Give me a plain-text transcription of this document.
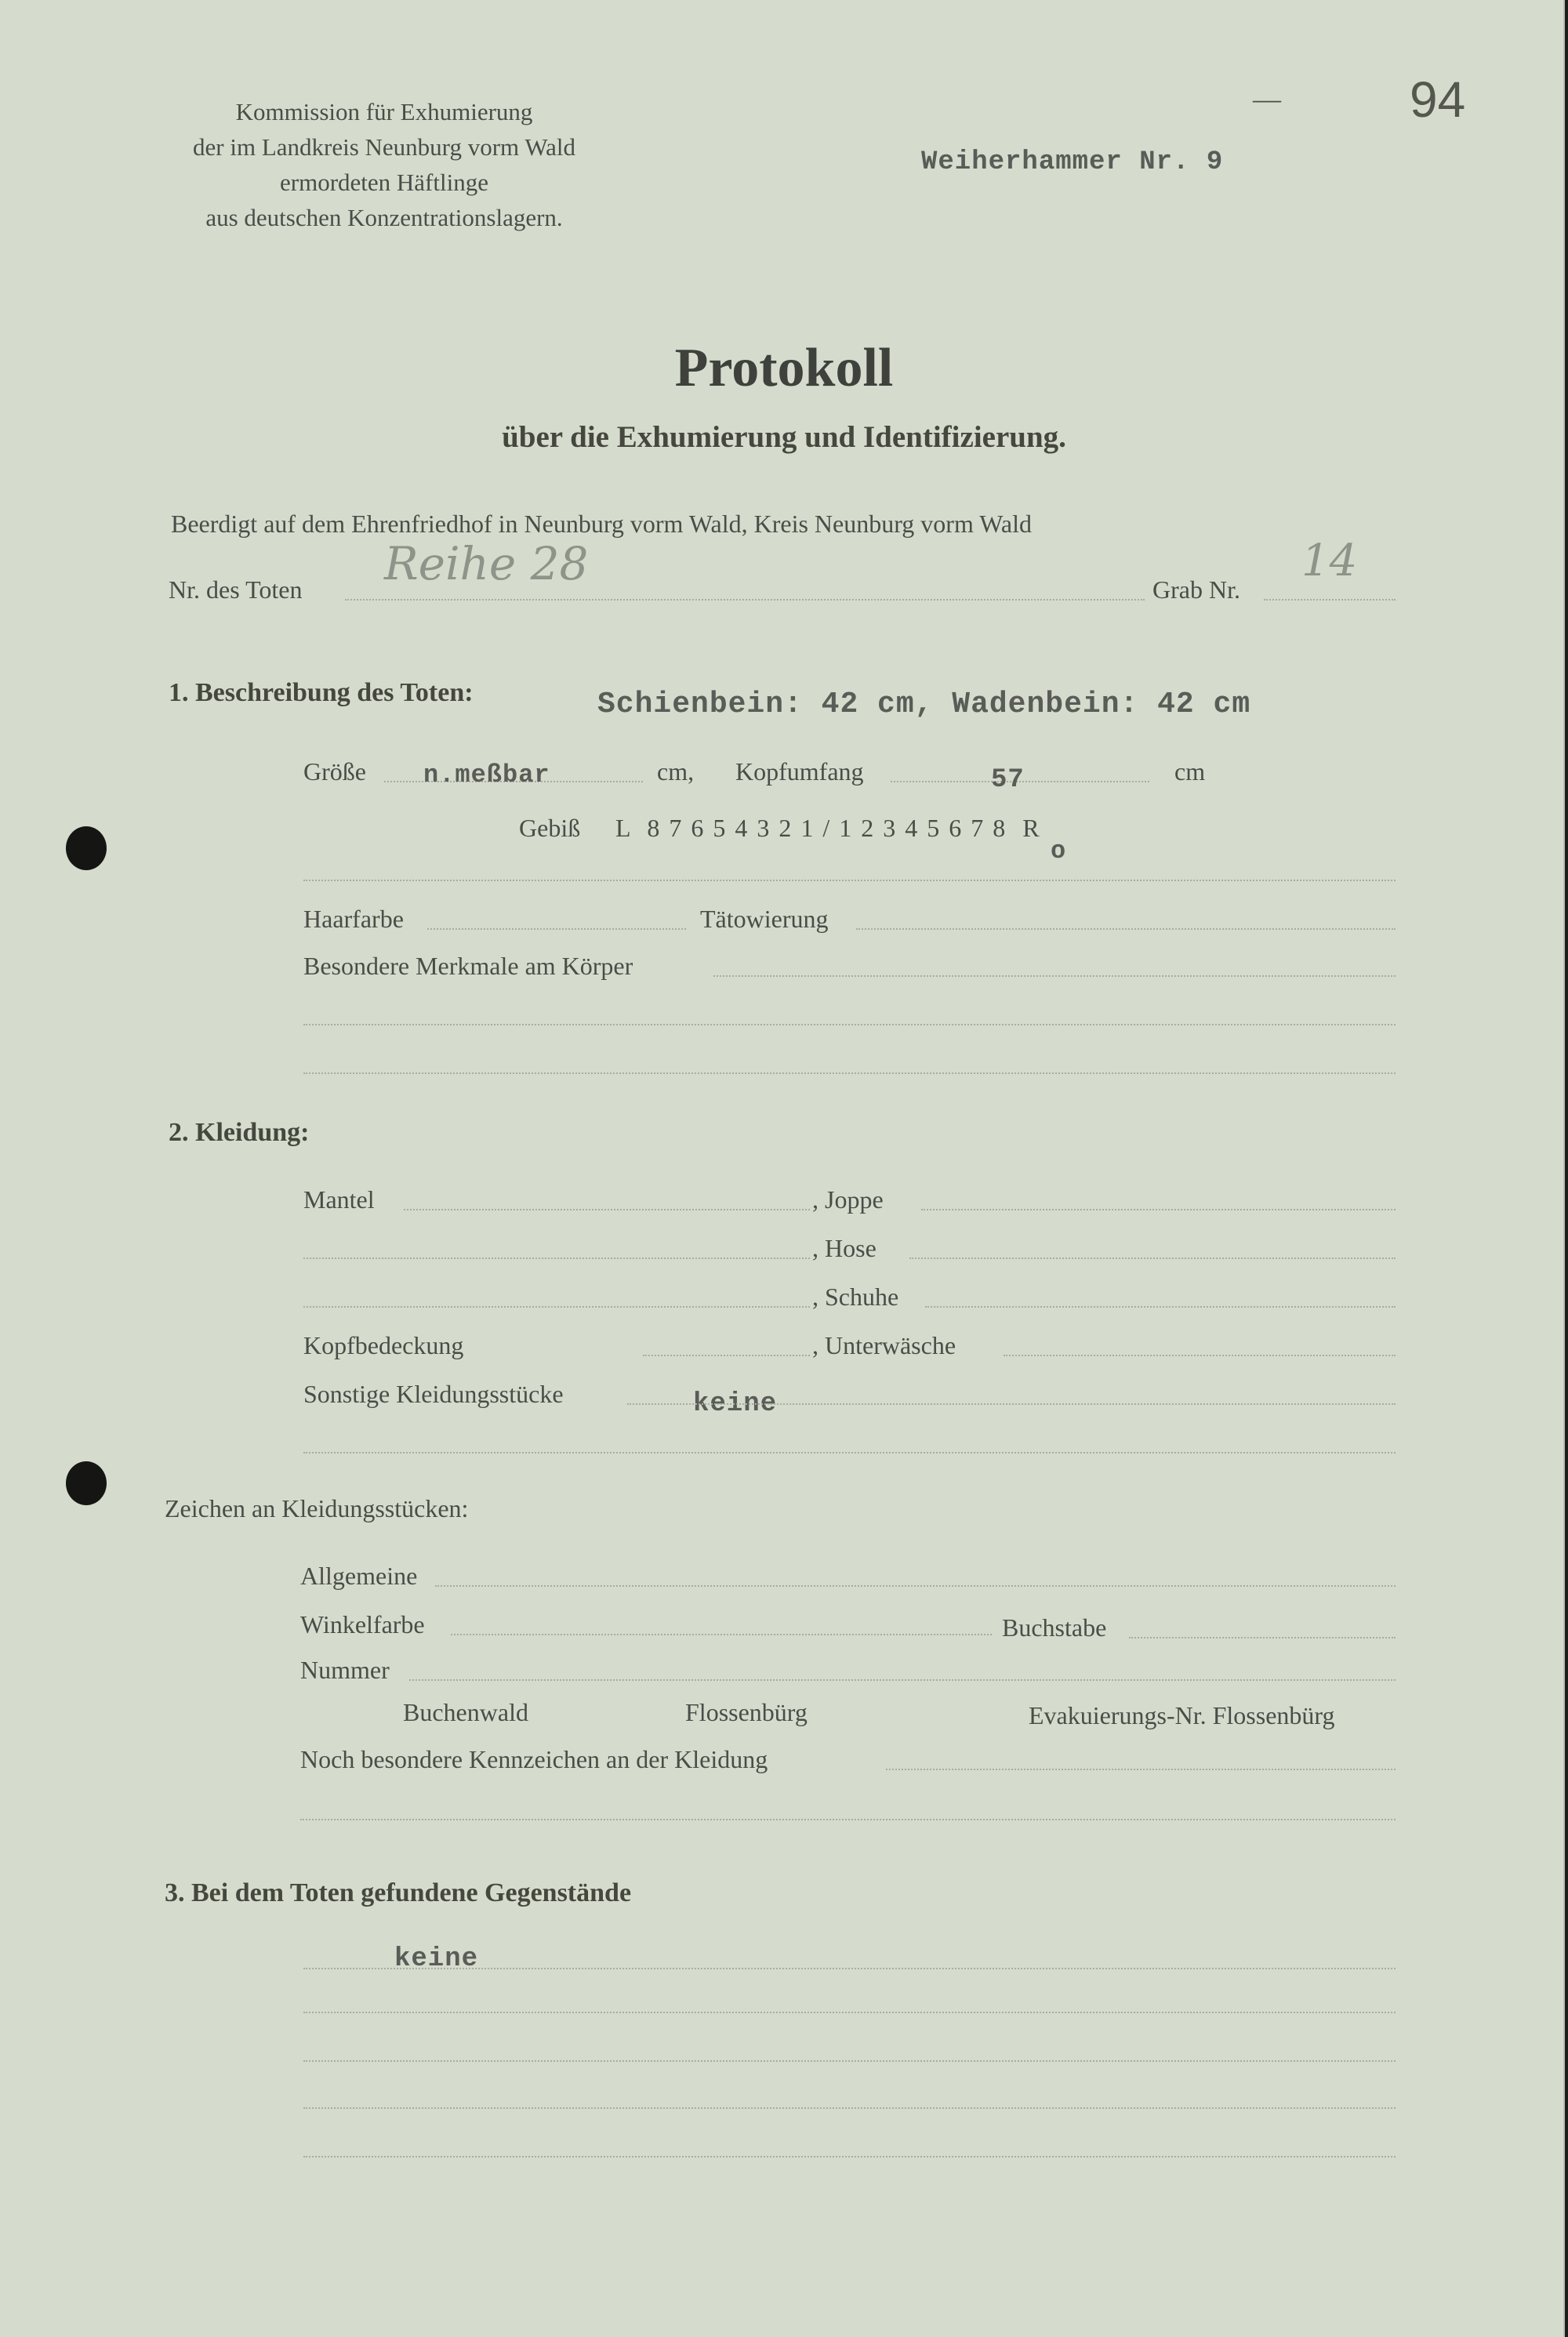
Kommission für Exhumierung
der im Landkreis Neunburg vorm Wald
ermordeten Häftlinge
aus deutschen Konzentrationslagern.
Weiherhammer Nr. 9
—	94
Protokoll
über die Exhumierung und Identifizierung.
Beerdigt auf dem Ehrenfriedhof in Neunburg vorm Wald, Kreis Neunburg vorm Wald
Nr. des Toten Reihe 28	Grab Nr.
14
1. Beschreibung des Toten:	Schienbein: 42 cm, Wadenbein: 42 cm
Größe n.meßbar	cm, Kopfumfang	57	cm
Gebiß L  8 7 6 5 4 3 2 1 / 1 2 3 4 5 6 7 8  R
o
Haarfarbe	Tätowierung
Besondere Merkmale am Körper
2. Kleidung:
Mantel	, Joppe
, Hose
, Schuhe
Kopfbedeckung	, Unterwäsche
Sonstige Kleidungsstücke	keine
Zeichen an Kleidungsstücken:
Allgemeine
Winkelfarbe	Buchstabe
Nummer
Buchenwald	Flossenbürg	Evakuierungs-Nr. Flossenbürg
Noch besondere Kennzeichen an der Kleidung
3. Bei dem Toten gefundene Gegenstände
keine
